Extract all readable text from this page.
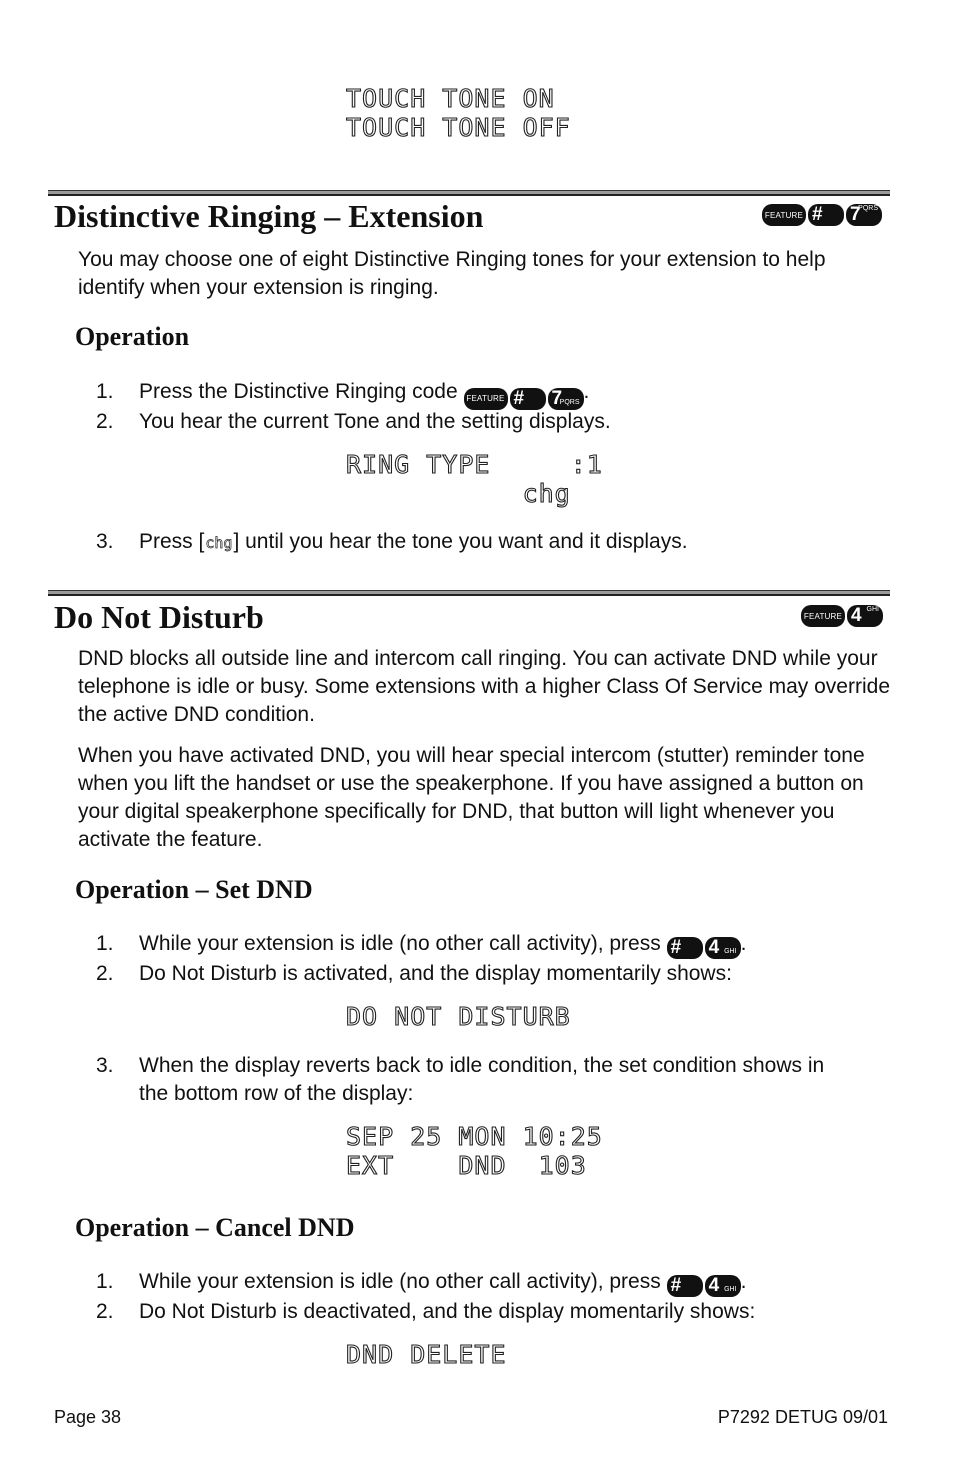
TOUCH TONE ON
TOUCH TONE OFF
Distinctive Ringing – Extension	FEATURE # 7
PQRS

You may choose one of eight Distinctive Ringing tones for your extension to help identify when your extension is ringing.

Operation
1. Press the Distinctive Ringing code	FEATURE # 7
PQRS .
2. You hear the current Tone and the setting displays.
RING TYPE     :1
chg
3. Press [chg] until you hear the tone you want and it displays.
Do Not Disturb	FEATURE 4 GHI

DND blocks all outside line and intercom call ringing. You can activate DND while your telephone is idle or busy. Some extensions with a higher Class Of Service may override the active DND condition.

When you have activated DND, you will hear special intercom (stutter) reminder tone when you lift the handset or use the speakerphone. If you have assigned a button on your digital speakerphone specifically for DND, that button will light whenever you activate the feature.

Operation – Set DND
1. While your extension is idle (no other call activity), press # 4 GHI .
2. Do Not Disturb is activated, and the display momentarily shows:
DO NOT DISTURB
3. When the display reverts back to idle condition, the set condition shows in the bottom row of the display:
SEP 25 MON 10:25
EXT    DND  103
Operation – Cancel DND
1. While your extension is idle (no other call activity), press # 4 GHI .
2. Do Not Disturb is deactivated, and the display momentarily shows:
DND DELETE
Page 38	P7292 DETUG 09/01
